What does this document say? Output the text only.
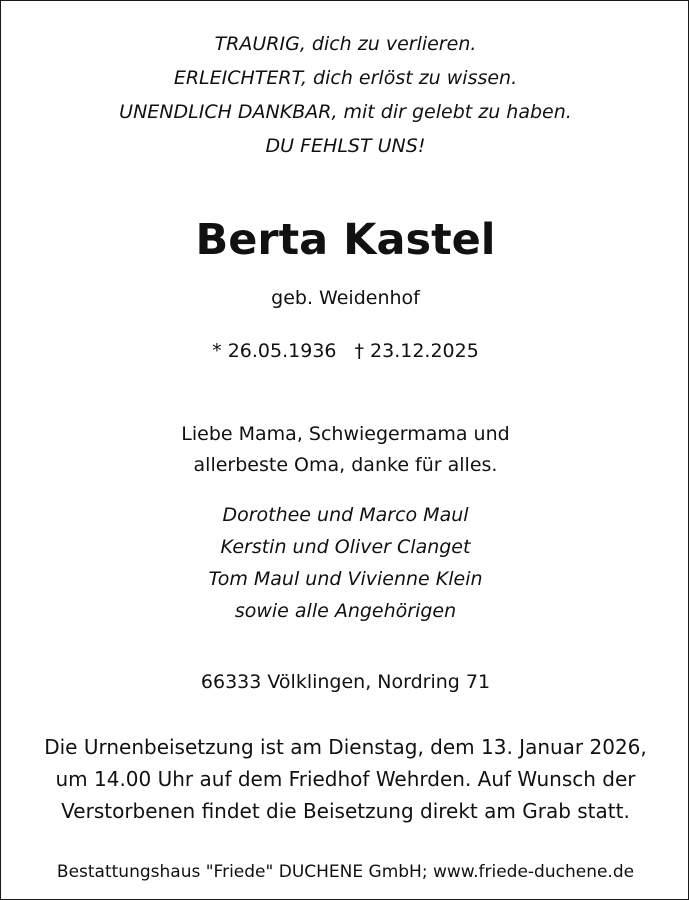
TRAURIG, dich zu verlieren.
ERLEICHTERT, dich erlöst zu wissen.
UNENDLICH DANKBAR, mit dir gelebt zu haben.
DU FEHLST UNS!
Berta Kastel
geb. Weidenhof
* 26.05.1936 † 23.12.2025
Liebe Mama, Schwiegermama und
allerbeste Oma, danke für alles.
Dorothee und Marco Maul
Kerstin und Oliver Clanget
Tom Maul und Vivienne Klein
sowie alle Angehörigen
66333 Völklingen, Nordring 71
Die Urnenbeisetzung ist am Dienstag, dem 13. Januar 2026,
um 14.00 Uhr auf dem Friedhof Wehrden. Auf Wunsch der
Verstorbenen findet die Beisetzung direkt am Grab statt.
Bestattungshaus "Friede" DUCHENE GmbH; www.friede-duchene.de
